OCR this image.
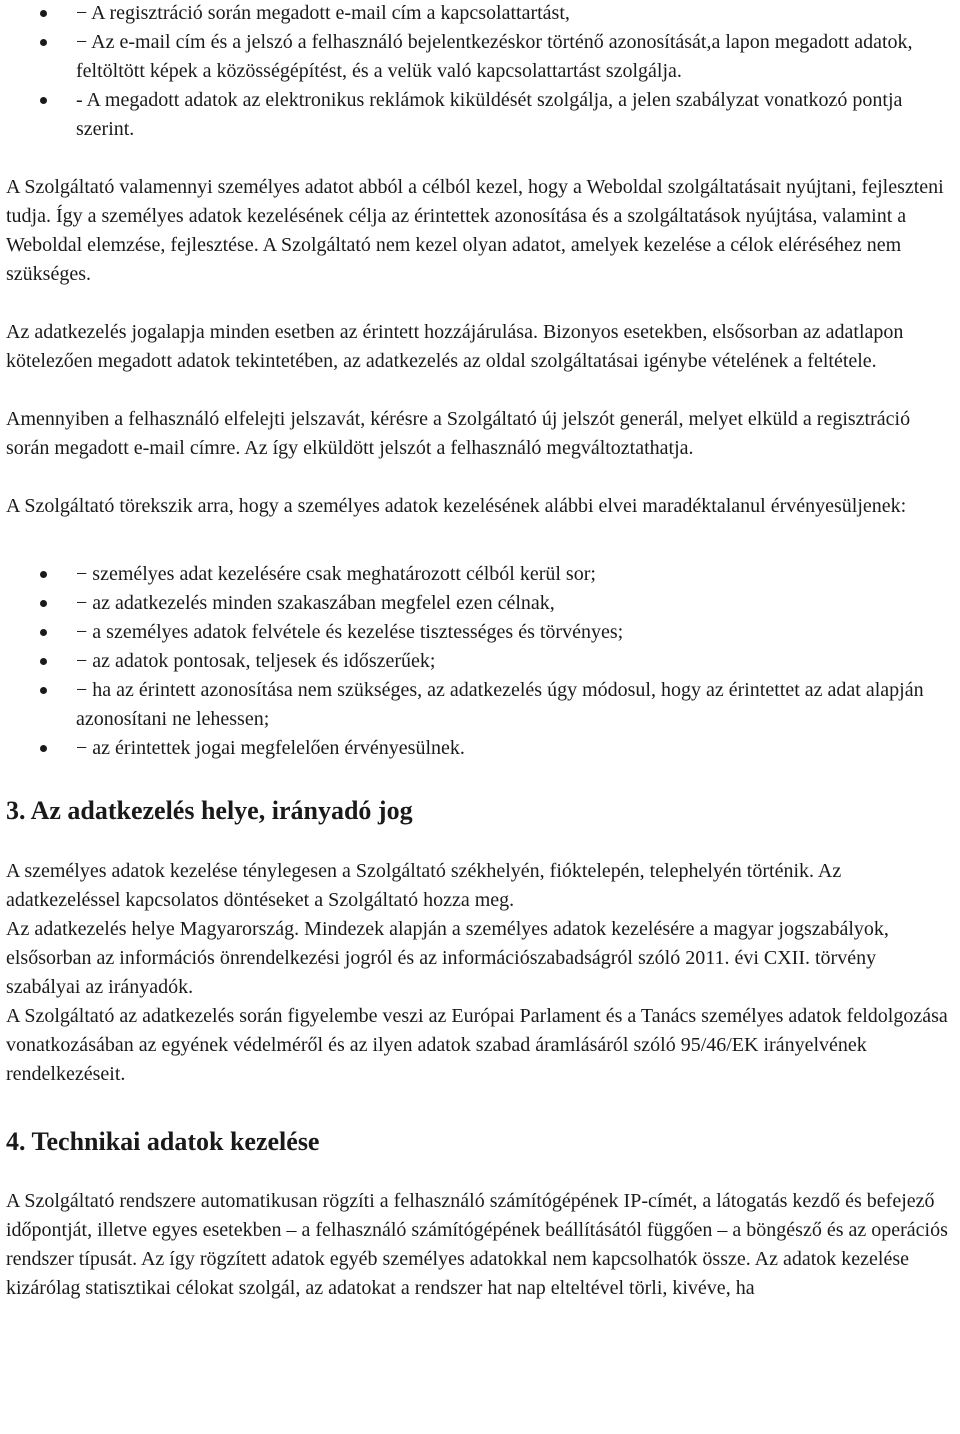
− A regisztráció során megadott e-mail cím a kapcsolattartást,
− Az e-mail cím és a jelszó a felhasználó bejelentkezéskor történő azonosítását,a lapon megadott adatok, feltöltött képek a közösségépítést, és a velük való kapcsolattartást szolgálja.
- A megadott adatok az elektronikus reklámok kiküldését szolgálja, a jelen szabályzat vonatkozó pontja szerint.

A Szolgáltató valamennyi személyes adatot abból a célból kezel, hogy a Weboldal szolgáltatásait nyújtani, fejleszteni tudja. Így a személyes adatok kezelésének célja az érintettek azonosítása és a szolgáltatások nyújtása, valamint a Weboldal elemzése, fejlesztése. A Szolgáltató nem kezel olyan adatot, amelyek kezelése a célok eléréséhez nem szükséges.

Az adatkezelés jogalapja minden esetben az érintett hozzájárulása. Bizonyos esetekben, elsősorban az adatlapon kötelezően megadott adatok tekintetében, az adatkezelés az oldal szolgáltatásai igénybe vételének a feltétele.

Amennyiben a felhasználó elfelejti jelszavát, kérésre a Szolgáltató új jelszót generál, melyet elküld a regisztráció során megadott e-mail címre. Az így elküldött jelszót a felhasználó megváltoztathatja.

A Szolgáltató törekszik arra, hogy a személyes adatok kezelésének alábbi elvei maradéktalanul érvényesüljenek:

− személyes adat kezelésére csak meghatározott célból kerül sor;
− az adatkezelés minden szakaszában megfelel ezen célnak,
− a személyes adatok felvétele és kezelése tisztességes és törvényes;
− az adatok pontosak, teljesek és időszerűek;
− ha az érintett azonosítása nem szükséges, az adatkezelés úgy módosul, hogy az érintettet az adat alapján azonosítani ne lehessen;
− az érintettek jogai megfelelően érvényesülnek.
3. Az adatkezelés helye, irányadó jog

A személyes adatok kezelése ténylegesen a Szolgáltató székhelyén, fióktelepén, telephelyén történik. Az adatkezeléssel kapcsolatos döntéseket a Szolgáltató hozza meg.

Az adatkezelés helye Magyarország. Mindezek alapján a személyes adatok kezelésére a magyar jogszabályok, elsősorban az információs önrendelkezési jogról és az információszabadságról szóló 2011. évi CXII. törvény szabályai az irányadók.

A Szolgáltató az adatkezelés során figyelembe veszi az Európai Parlament és a Tanács személyes adatok feldolgozása vonatkozásában az egyének védelméről és az ilyen adatok szabad áramlásáról szóló 95/46/EK irányelvének rendelkezéseit.

4. Technikai adatok kezelése

A Szolgáltató rendszere automatikusan rögzíti a felhasználó számítógépének IP-címét, a látogatás kezdő és befejező időpontját, illetve egyes esetekben – a felhasználó számítógépének beállításától függően – a böngésző és az operációs rendszer típusát. Az így rögzített adatok egyéb személyes adatokkal nem kapcsolhatók össze. Az adatok kezelése kizárólag statisztikai célokat szolgál, az adatokat a rendszer hat nap elteltével törli, kivéve, ha
